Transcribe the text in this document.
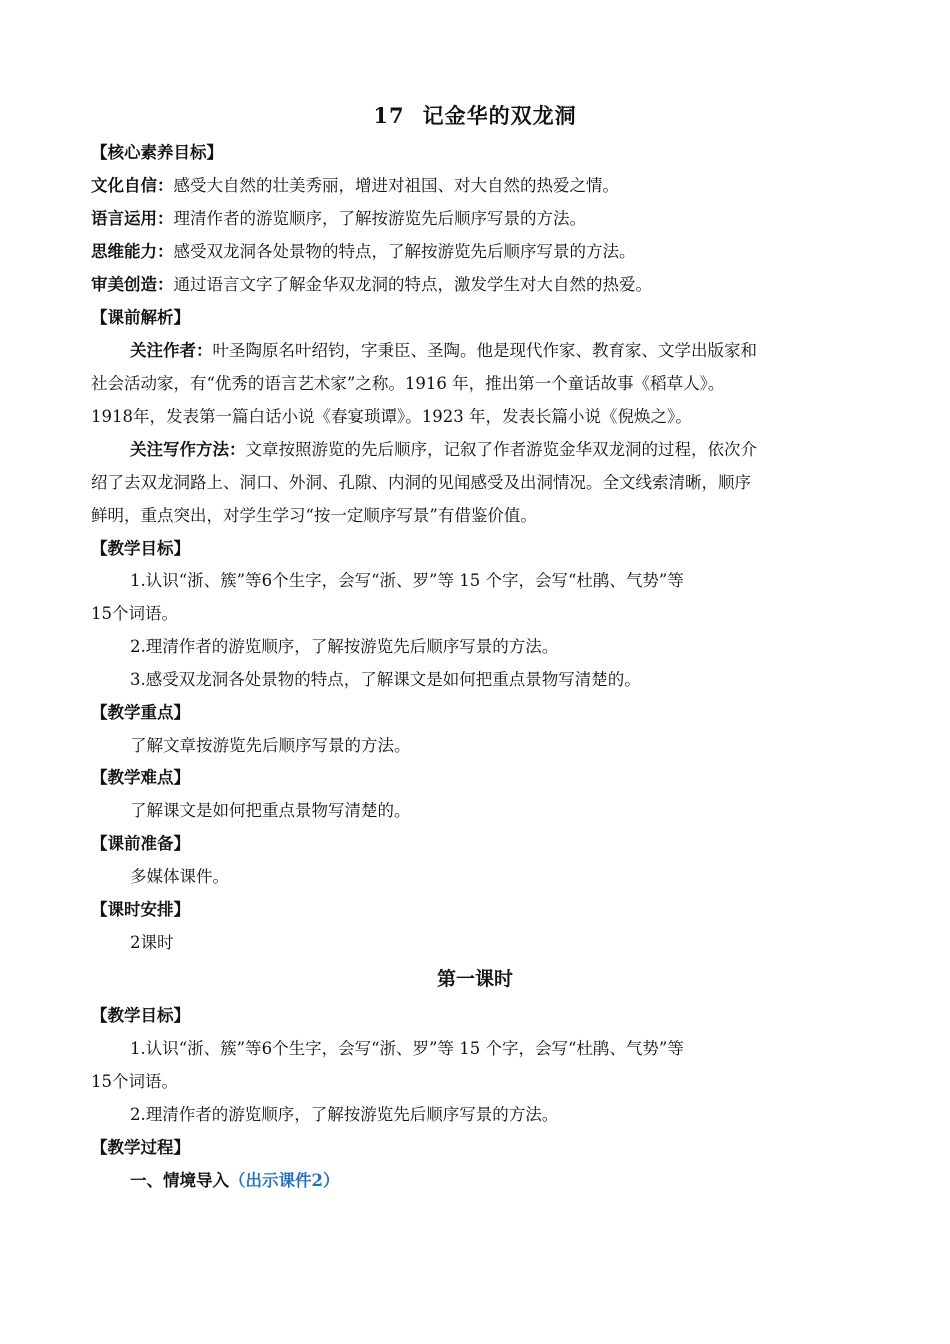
17 记金华的双龙洞
【核心素养目标】
文化自信：感受大自然的壮美秀丽，增进对祖国、对大自然的热爱之情。
语言运用：理清作者的游览顺序，了解按游览先后顺序写景的方法。
思维能力：感受双龙洞各处景物的特点，了解按游览先后顺序写景的方法。
审美创造：通过语言文字了解金华双龙洞的特点，激发学生对大自然的热爱。
【课前解析】
关注作者：叶圣陶原名叶绍钧，字秉臣、圣陶。他是现代作家、教育家、文学出版家和
社会活动家，有“优秀的语言艺术家”之称。1916 年，推出第一个童话故事《稻草人》。
1918年，发表第一篇白话小说《春宴琐谭》。1923 年，发表长篇小说《倪焕之》。
关注写作方法：文章按照游览的先后顺序，记叙了作者游览金华双龙洞的过程，依次介
绍了去双龙洞路上、洞口、外洞、孔隙、内洞的见闻感受及出洞情况。全文线索清晰，顺序
鲜明，重点突出，对学生学习“按一定顺序写景”有借鉴价值。
【教学目标】
1.认识“浙、簇”等6个生字，会写“浙、罗”等 15 个字，会写“杜鹃、气势”等
15个词语。
2.理清作者的游览顺序，了解按游览先后顺序写景的方法。
3.感受双龙洞各处景物的特点，了解课文是如何把重点景物写清楚的。
【教学重点】
了解文章按游览先后顺序写景的方法。
【教学难点】
了解课文是如何把重点景物写清楚的。
【课前准备】
多媒体课件。
【课时安排】
2课时
第一课时
【教学目标】
1.认识“浙、簇”等6个生字，会写“浙、罗”等 15 个字，会写“杜鹃、气势”等
15个词语。
2.理清作者的游览顺序，了解按游览先后顺序写景的方法。
【教学过程】
一、情境导入（出示课件2）
